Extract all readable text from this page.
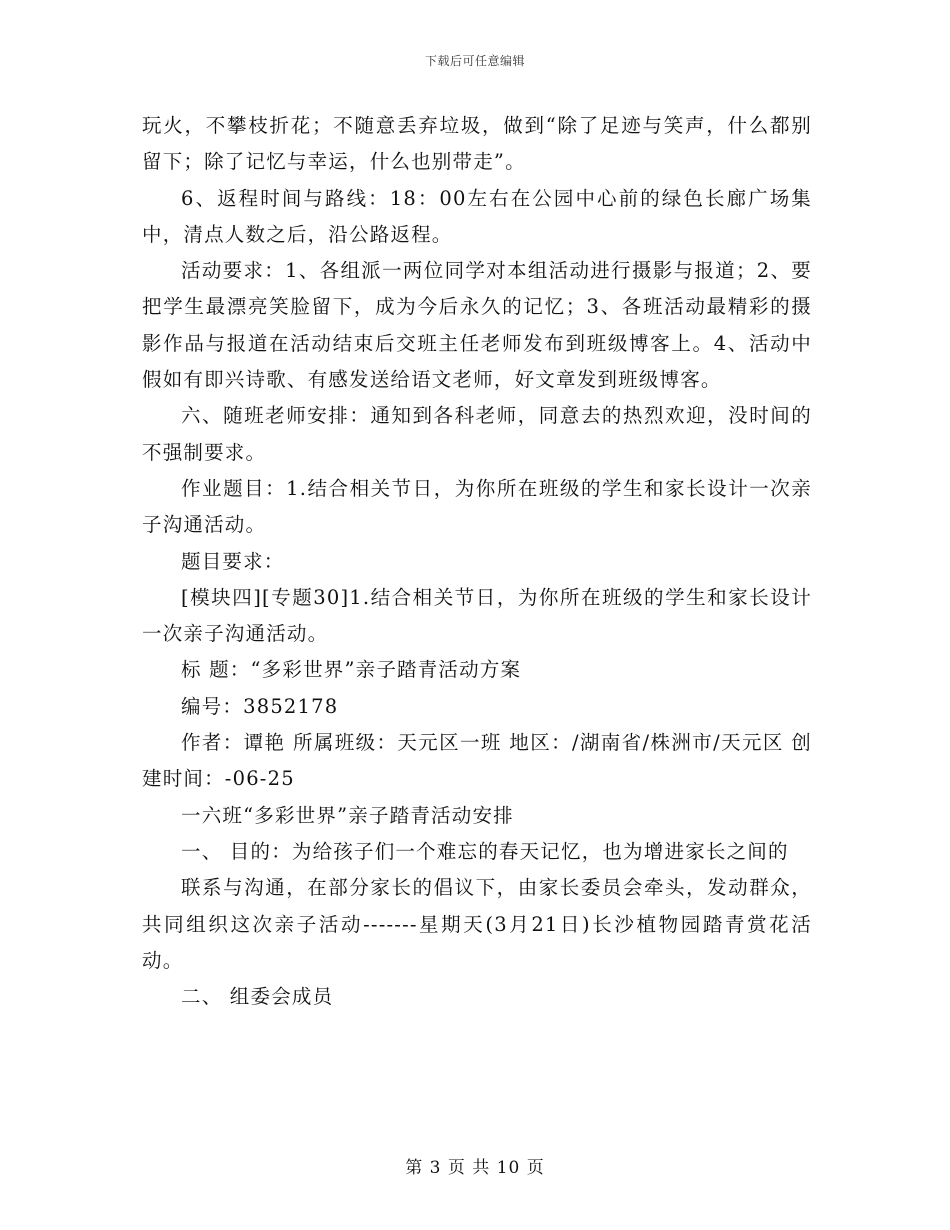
下载后可任意编辑

玩火，不攀枝折花；不随意丢弃垃圾，做到“除了足迹与笑声，什么都别留下；除了记忆与幸运，什么也别带走”。

6、返程时间与路线：18：00左右在公园中心前的绿色长廊广场集中，清点人数之后，沿公路返程。

活动要求：1、各组派一两位同学对本组活动进行摄影与报道；2、要把学生最漂亮笑脸留下，成为今后永久的记忆；3、各班活动最精彩的摄影作品与报道在活动结束后交班主任老师发布到班级博客上。4、活动中假如有即兴诗歌、有感发送给语文老师，好文章发到班级博客。

六、随班老师安排：通知到各科老师，同意去的热烈欢迎，没时间的不强制要求。

作业题目：1.结合相关节日，为你所在班级的学生和家长设计一次亲子沟通活动。

题目要求：

[模块四][专题30]1.结合相关节日，为你所在班级的学生和家长设计一次亲子沟通活动。

标 题：“多彩世界”亲子踏青活动方案

编号：3852178

作者：谭艳 所属班级：天元区一班 地区：/湖南省/株洲市/天元区 创建时间：-06-25

一六班“多彩世界”亲子踏青活动安排

一、 目的：为给孩子们一个难忘的春天记忆，也为增进家长之间的

联系与沟通，在部分家长的倡议下，由家长委员会牵头，发动群众，共同组织这次亲子活动-------星期天(3月21日)长沙植物园踏青赏花活动。

二、 组委会成员

第 3 页 共 10 页
